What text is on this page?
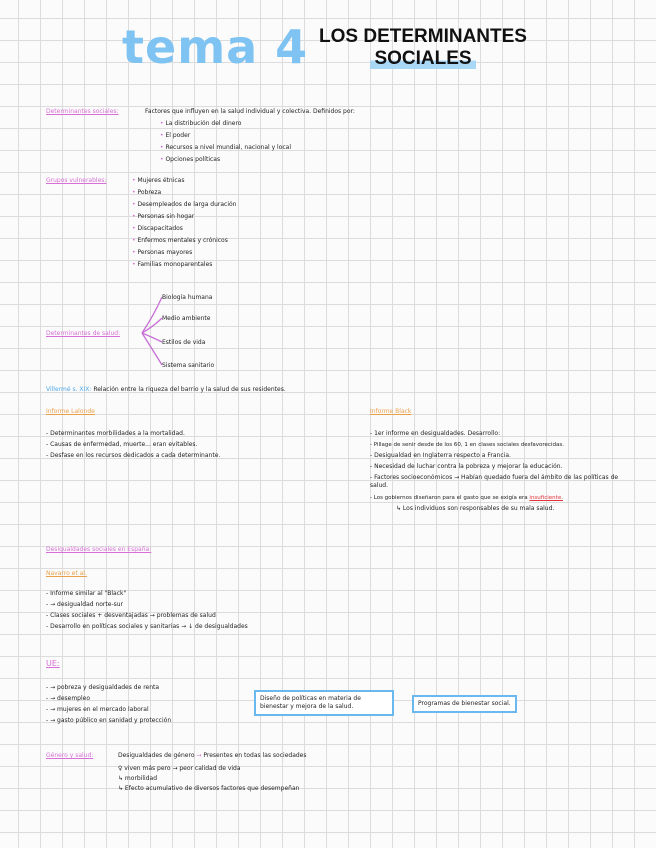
tema 4 LOS DETERMINANTES
SOCIALES
Determinantes sociales:	Factores que influyen en la salud individual y colectiva. Definidos por:
• La distribución del dinero
• El poder
• Recursos a nivel mundial, nacional y local
• Opciones políticas
Grupos vulnerables:	• Mujeres étnicas
• Pobreza
• Desempleados de larga duración
• Personas sin hogar
• Discapacitados
• Enfermos mentales y crónicos
• Personas mayores
• Familias monoparentales
Determinantes de salud:
Biología humana
Medio ambiente
Estilos de vida
Sistema sanitario
Villermé s. XIX: Relación entre la riqueza del barrio y la salud de sus residentes.
Informe Lalonde
- Determinantes morbilidades a la mortalidad.
- Causas de enfermedad, muerte... eran evitables.
- Desfase en los recursos dedicados a cada determinante.
Informe Black
- 1er informe en desigualdades. Desarrollo:
- Pillage de senir desde de los 60, 1 en clases sociales desfavorecidas.
- Desigualdad en Inglaterra respecto a Francia.
- Necesidad de luchar contra la pobreza y mejorar la educación.
- Factores socioeconómicos → Habían quedado fuera del ámbito de las políticas de salud.
- Los gobiernos diseñaron para el gasto que se exigía era insuficiente.
↳ Los individuos son responsables de su mala salud.
Desigualdades sociales en España:
Navarro et al.
- Informe similar al "Black"
- → desigualdad norte-sur
- Clases sociales + desventajadas → problemas de salud
- Desarrollo en políticas sociales y sanitarias → ↓ de desigualdades
UE:
- → pobreza y desigualdades de renta
- → desempleo
- → mujeres en el mercado laboral
- → gasto público en sanidad y protección
Diseño de políticas en materia de bienestar y mejora de la salud.	Programas de bienestar social.
Género y salud:	Desigualdades de género → Presentes en todas las sociedades
♀ viven más pero → peor calidad de vida
↳ morbilidad
↳ Efecto acumulativo de diversos factores que desempeñan
